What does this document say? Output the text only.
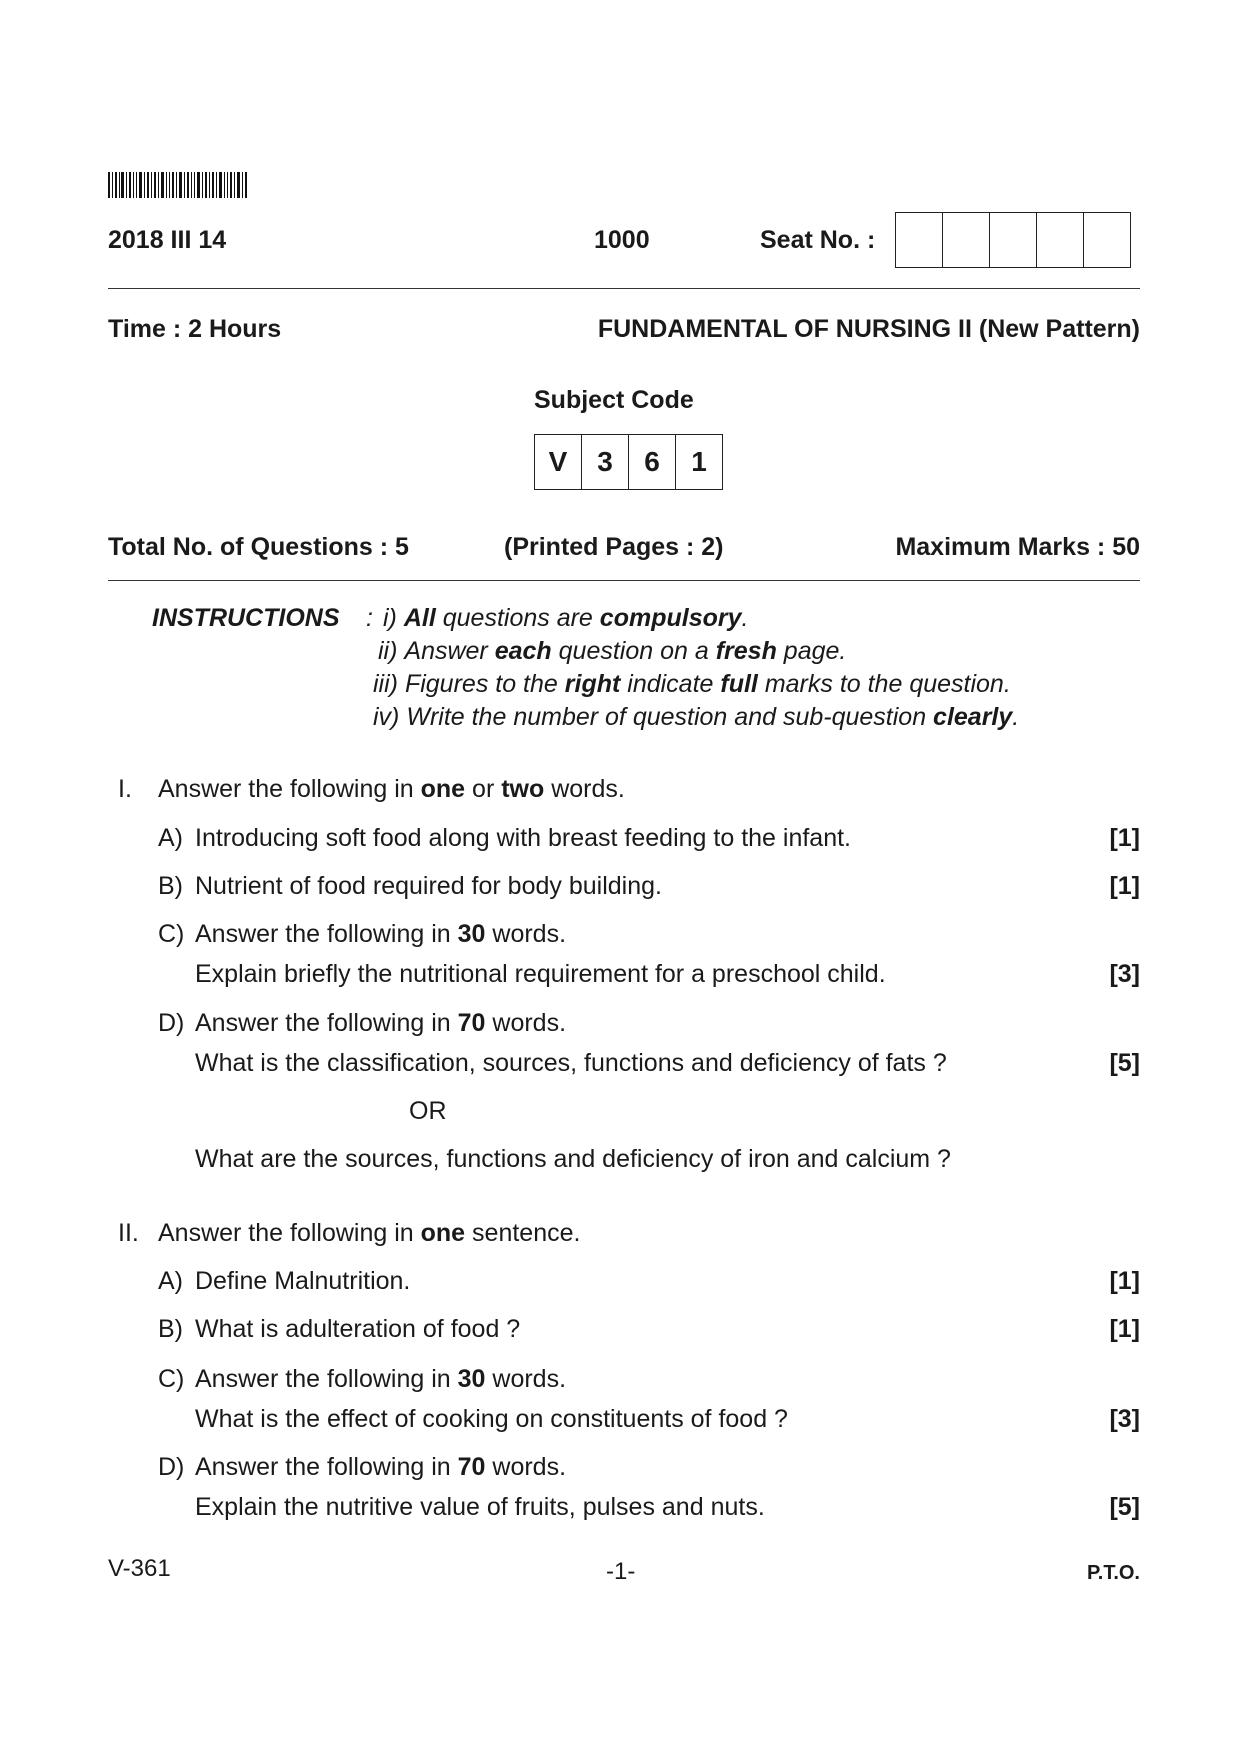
2018 III 14	1000	Seat No. :
Time : 2 Hours	FUNDAMENTAL OF NURSING II (New Pattern)
Subject Code
V	3	6	1
Total No. of Questions : 5	(Printed Pages : 2)	Maximum Marks : 50
INSTRUCTIONS : i) All questions are compulsory.
ii) Answer each question on a fresh page.
iii) Figures to the right indicate full marks to the question.
iv) Write the number of question and sub-question clearly.
I. Answer the following in one or two words.
A) Introducing soft food along with breast feeding to the infant.	[1]
B) Nutrient of food required for body building.	[1]
C) Answer the following in 30 words.
Explain briefly the nutritional requirement for a preschool child.	[3]
D) Answer the following in 70 words.
What is the classification, sources, functions and deficiency of fats ?	[5]
OR
What are the sources, functions and deficiency of iron and calcium ?
II. Answer the following in one sentence.
A) Define Malnutrition.	[1]
B) What is adulteration of food ?	[1]
C) Answer the following in 30 words.
What is the effect of cooking on constituents of food ?	[3]
D) Answer the following in 70 words.
Explain the nutritive value of fruits, pulses and nuts.	[5]
V-361	-1-	P.T.O.
